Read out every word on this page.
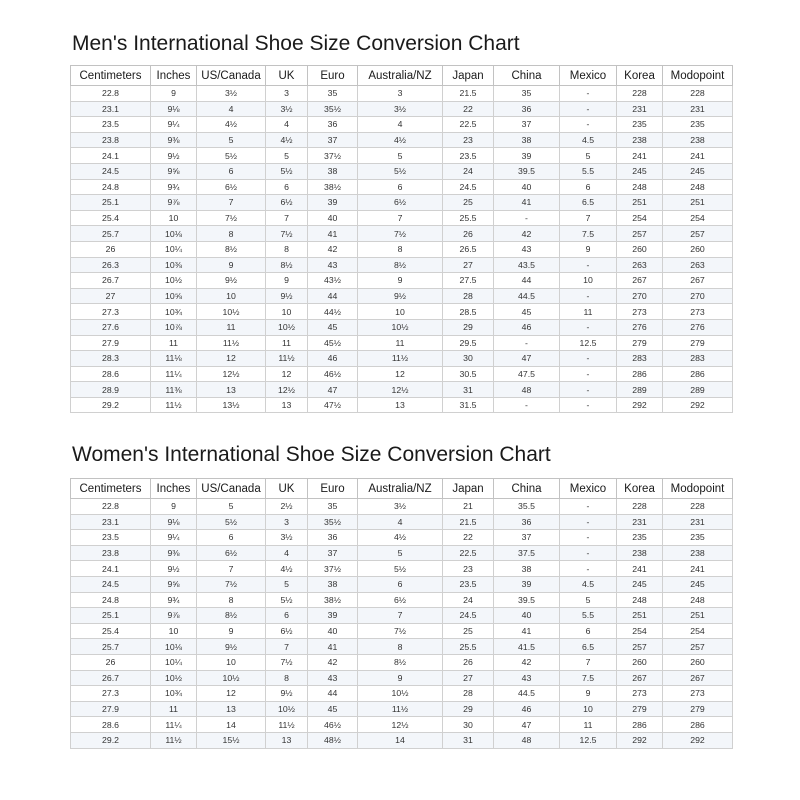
Men's International Shoe Size Conversion Chart
Centimeters	Inches	US/Canada	UK	Euro	Australia/NZ	Japan	China	Mexico	Korea	Modopoint
22.8	9	3½	3	35	3	21.5	35	-	228	228
23.1	9⅛	4	3½	35½	3½	22	36	-	231	231
23.5	9¼	4½	4	36	4	22.5	37	-	235	235
23.8	9⅜	5	4½	37	4½	23	38	4.5	238	238
24.1	9½	5½	5	37½	5	23.5	39	5	241	241
24.5	9⅝	6	5½	38	5½	24	39.5	5.5	245	245
24.8	9¾	6½	6	38½	6	24.5	40	6	248	248
25.1	9⅞	7	6½	39	6½	25	41	6.5	251	251
25.4	10	7½	7	40	7	25.5	-	7	254	254
25.7	10⅛	8	7½	41	7½	26	42	7.5	257	257
26	10¼	8½	8	42	8	26.5	43	9	260	260
26.3	10⅜	9	8½	43	8½	27	43.5	-	263	263
26.7	10½	9½	9	43½	9	27.5	44	10	267	267
27	10⅝	10	9½	44	9½	28	44.5	-	270	270
27.3	10¾	10½	10	44½	10	28.5	45	11	273	273
27.6	10⅞	11	10½	45	10½	29	46	-	276	276
27.9	11	11½	11	45½	11	29.5	-	12.5	279	279
28.3	11⅛	12	11½	46	11½	30	47	-	283	283
28.6	11¼	12½	12	46½	12	30.5	47.5	-	286	286
28.9	11⅜	13	12½	47	12½	31	48	-	289	289
29.2	11½	13½	13	47½	13	31.5	-	-	292	292
Women's International Shoe Size Conversion Chart
Centimeters	Inches	US/Canada	UK	Euro	Australia/NZ	Japan	China	Mexico	Korea	Modopoint
22.8	9	5	2½	35	3½	21	35.5	-	228	228
23.1	9⅛	5½	3	35½	4	21.5	36	-	231	231
23.5	9¼	6	3½	36	4½	22	37	-	235	235
23.8	9⅜	6½	4	37	5	22.5	37.5	-	238	238
24.1	9½	7	4½	37½	5½	23	38	-	241	241
24.5	9⅝	7½	5	38	6	23.5	39	4.5	245	245
24.8	9¾	8	5½	38½	6½	24	39.5	5	248	248
25.1	9⅞	8½	6	39	7	24.5	40	5.5	251	251
25.4	10	9	6½	40	7½	25	41	6	254	254
25.7	10⅛	9½	7	41	8	25.5	41.5	6.5	257	257
26	10¼	10	7½	42	8½	26	42	7	260	260
26.7	10½	10½	8	43	9	27	43	7.5	267	267
27.3	10¾	12	9½	44	10½	28	44.5	9	273	273
27.9	11	13	10½	45	11½	29	46	10	279	279
28.6	11¼	14	11½	46½	12½	30	47	11	286	286
29.2	11½	15½	13	48½	14	31	48	12.5	292	292
